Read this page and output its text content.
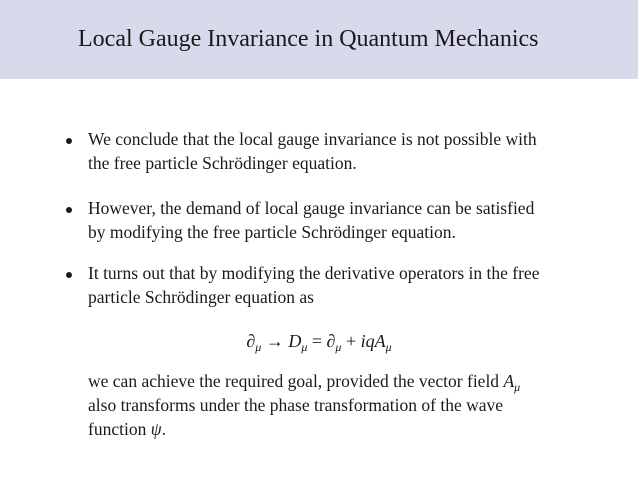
Local Gauge Invariance in Quantum Mechanics
We conclude that the local gauge invariance is not possible with
the free particle Schrödinger equation.
However, the demand of local gauge invariance can be satisfied
by modifying the free particle Schrödinger equation.
It turns out that by modifying the derivative operators in the free
particle Schrödinger equation as
$\partial_\mu \to D_\mu = \partial_\mu + iqA_\mu$
we can achieve the required goal, provided the vector field $A_\mu$
also transforms under the phase transformation of the wave
function ψ.
